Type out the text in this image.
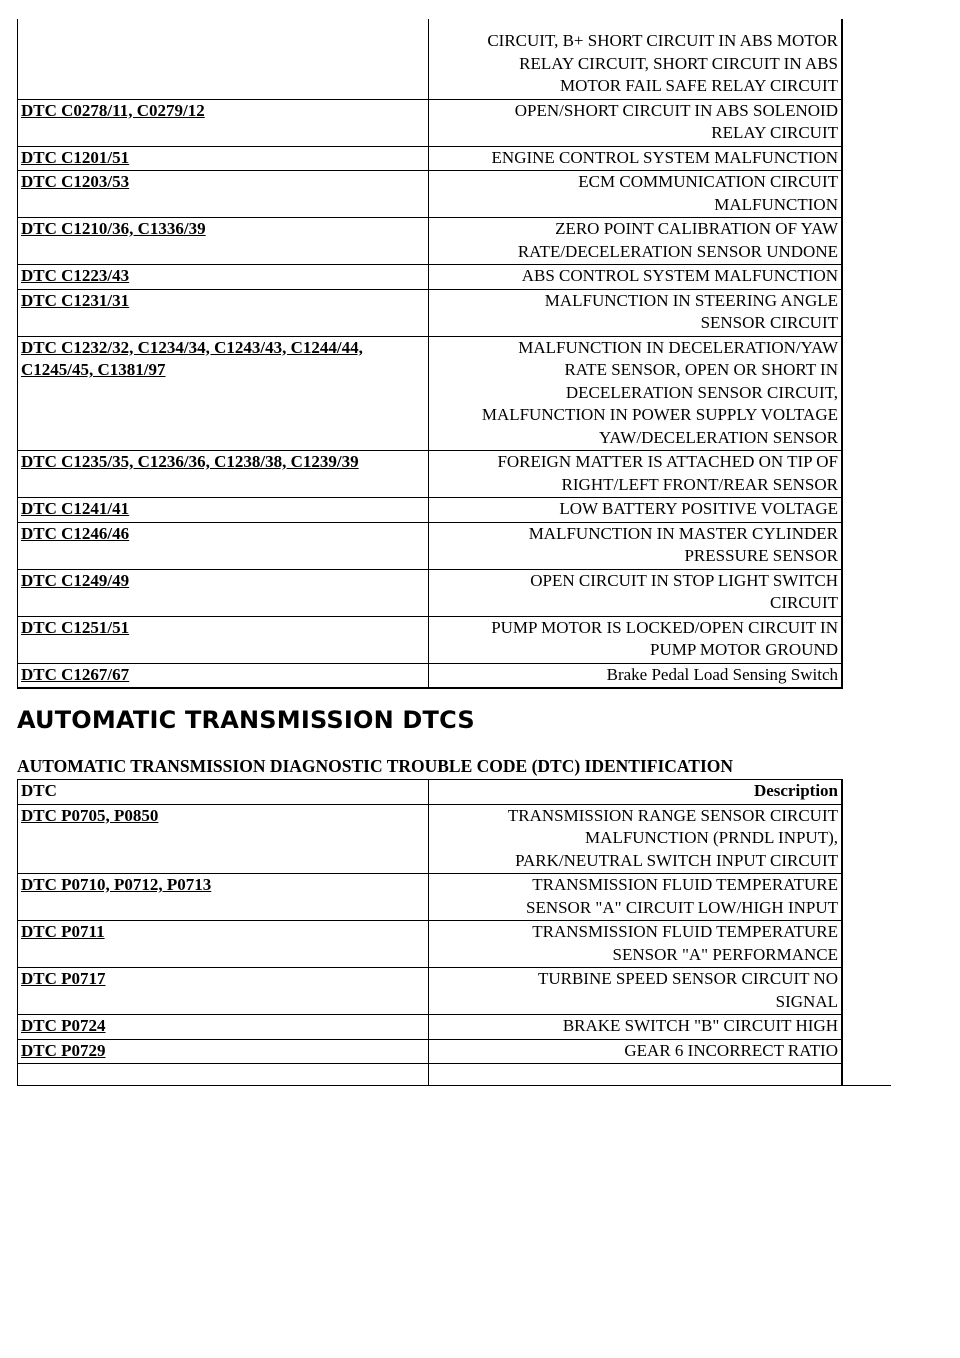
	CIRCUIT, B+ SHORT CIRCUIT IN ABS MOTOR
RELAY CIRCUIT, SHORT CIRCUIT IN ABS
MOTOR FAIL SAFE RELAY CIRCUIT
DTC C0278/11, C0279/12	OPEN/SHORT CIRCUIT IN ABS SOLENOID
RELAY CIRCUIT
DTC C1201/51	ENGINE CONTROL SYSTEM MALFUNCTION
DTC C1203/53	ECM COMMUNICATION CIRCUIT
MALFUNCTION
DTC C1210/36, C1336/39	ZERO POINT CALIBRATION OF YAW
RATE/DECELERATION SENSOR UNDONE
DTC C1223/43	ABS CONTROL SYSTEM MALFUNCTION
DTC C1231/31	MALFUNCTION IN STEERING ANGLE
SENSOR CIRCUIT
DTC C1232/32, C1234/34, C1243/43, C1244/44,
C1245/45, C1381/97	MALFUNCTION IN DECELERATION/YAW
RATE SENSOR, OPEN OR SHORT IN
DECELERATION SENSOR CIRCUIT,
MALFUNCTION IN POWER SUPPLY VOLTAGE
YAW/DECELERATION SENSOR
DTC C1235/35, C1236/36, C1238/38, C1239/39	FOREIGN MATTER IS ATTACHED ON TIP OF
RIGHT/LEFT FRONT/REAR SENSOR
DTC C1241/41	LOW BATTERY POSITIVE VOLTAGE
DTC C1246/46	MALFUNCTION IN MASTER CYLINDER
PRESSURE SENSOR
DTC C1249/49	OPEN CIRCUIT IN STOP LIGHT SWITCH
CIRCUIT
DTC C1251/51	PUMP MOTOR IS LOCKED/OPEN CIRCUIT IN
PUMP MOTOR GROUND
DTC C1267/67	Brake Pedal Load Sensing Switch
AUTOMATIC TRANSMISSION DTCS
AUTOMATIC TRANSMISSION DIAGNOSTIC TROUBLE CODE (DTC) IDENTIFICATION
DTC	Description
DTC P0705, P0850	TRANSMISSION RANGE SENSOR CIRCUIT
MALFUNCTION (PRNDL INPUT),
PARK/NEUTRAL SWITCH INPUT CIRCUIT
DTC P0710, P0712, P0713	TRANSMISSION FLUID TEMPERATURE
SENSOR "A" CIRCUIT LOW/HIGH INPUT
DTC P0711	TRANSMISSION FLUID TEMPERATURE
SENSOR "A" PERFORMANCE
DTC P0717	TURBINE SPEED SENSOR CIRCUIT NO
SIGNAL
DTC P0724	BRAKE SWITCH "B" CIRCUIT HIGH
DTC P0729	GEAR 6 INCORRECT RATIO
